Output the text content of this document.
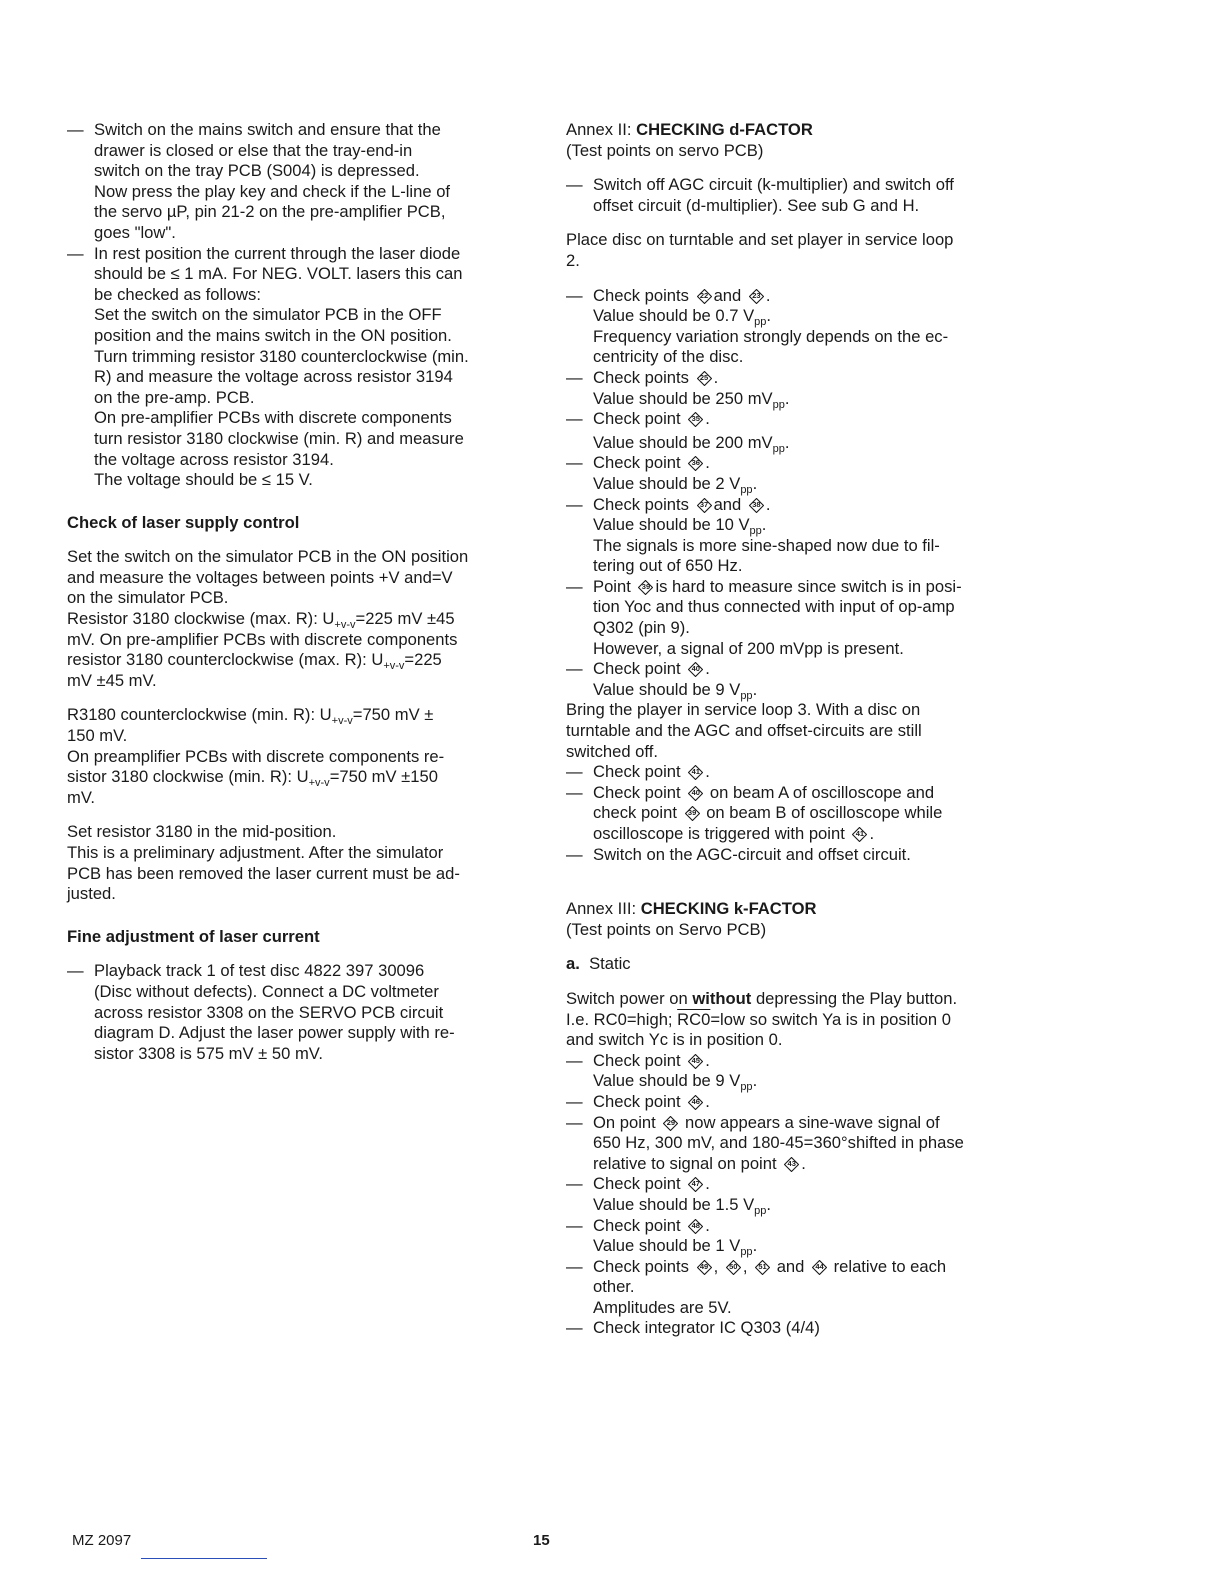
— Switch on the mains switch and ensure that the
drawer is closed or else that the tray-end-in
switch on the tray PCB (S004) is depressed.
Now press the play key and check if the L-line of
the servo µP, pin 21-2 on the pre-amplifier PCB,
goes "low".
— In rest position the current through the laser diode
should be ≤ 1 mA. For NEG. VOLT. lasers this can
be checked as follows:
Set the switch on the simulator PCB in the OFF
position and the mains switch in the ON position.
Turn trimming resistor 3180 counterclockwise (min.
R) and measure the voltage across resistor 3194
on the pre-amp. PCB.
On pre-amplifier PCBs with discrete components
turn resistor 3180 clockwise (min. R) and measure
the voltage across resistor 3194.
The voltage should be ≤ 15 V.
Check of laser supply control
Set the switch on the simulator PCB in the ON position
and measure the voltages between points +V and=V
on the simulator PCB.
Resistor 3180 clockwise (max. R): $U_{+v-v}=225$ mV ±45
mV. On pre-amplifier PCBs with discrete components
resistor 3180 counterclockwise (max. R): $U_{+v-v}=225$
mV ±45 mV.
R3180 counterclockwise (min. R): $U_{+v-v}=750$ mV ±
150 mV.
On preamplifier PCBs with discrete components re-
sistor 3180 clockwise (min. R): $U_{+v-v}=750$ mV ±150
mV.
Set resistor 3180 in the mid-position.
This is a preliminary adjustment. After the simulator
PCB has been removed the laser current must be ad-
justed.
Fine adjustment of laser current
— Playback track 1 of test disc 4822 397 30096
(Disc without defects). Connect a DC voltmeter
across resistor 3308 on the SERVO PCB circuit
diagram D. Adjust the laser power supply with re-
sistor 3308 is 575 mV ± 50 mV.
Annex II: CHECKING d-FACTOR
(Test points on servo PCB)
— Switch off AGC circuit (k-multiplier) and switch off
offset circuit (d-multiplier). See sub G and H.
Place disc on turntable and set player in service loop
2.
— Check points	22 and	23 .
Value should be 0.7 $V_{pp}$.
Frequency variation strongly depends on the ec-
centricity of the disc.
— Check points	25 .
Value should be 250 $mV_{pp}$.
— Check point	35 .
Value should be 200 $mV_{pp}$.
— Check point	36 .
Value should be 2 $V_{pp}$.
— Check points	37 and	38 .
Value should be 10 $V_{pp}$.
The signals is more sine-shaped now due to fil-
tering out of 650 Hz.
— Point	39 is hard to measure since switch is in posi-
tion Yoc and thus connected with input of op-amp
Q302 (pin 9).
However, a signal of 200 mVpp is present.
— Check point	40 .
Value should be 9 $V_{pp}$.
Bring the player in service loop 3. With a disc on
turntable and the AGC and offset-circuits are still
switched off.
— Check point	41 .
— Check point	40 on beam A of oscilloscope and
check point	39 on beam B of oscilloscope while
oscilloscope is triggered with point	41 .
— Switch on the AGC-circuit and offset circuit.
Annex III: CHECKING k-FACTOR
(Test points on Servo PCB)
a. Static
Switch power on without depressing the Play button.
I.e. RC0=high; RC0=low so switch Ya is in position 0
and switch Yc is in position 0.
— Check point	45 .
Value should be 9 $V_{pp}$.
— Check point	46 .
— On point	29 now appears a sine-wave signal of
650 Hz, 300 mV, and 180-45=360°shifted in phase
relative to signal on point	43 .
— Check point	47 .
Value should be 1.5 $V_{pp}$.
— Check point	48 .
Value should be 1 $V_{pp}$.
— Check points	49 ,	50 ,	51 and	44 relative to each
other.
Amplitudes are 5V.
— Check integrator IC Q303 (4/4)
MZ 2097	15
